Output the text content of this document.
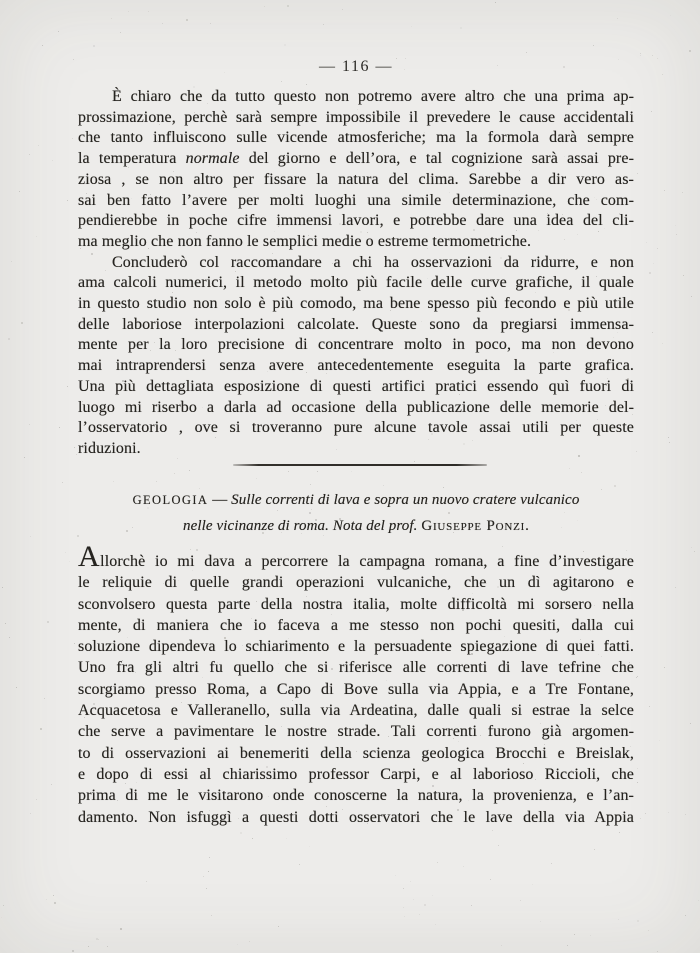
— 116 —
È chiaro che da tutto questo non potremo avere altro che una prima ap-
prossimazione, perchè sarà sempre impossibile il prevedere le cause accidentali
che tanto influiscono sulle vicende atmosferiche; ma la formola darà sempre
la temperatura normale del giorno e dell’ora, e tal cognizione sarà assai pre-
ziosa , se non altro per fissare la natura del clima. Sarebbe a dir vero as-
sai ben fatto l’avere per molti luoghi una simile determinazione, che com-
pendierebbe in poche cifre immensi lavori, e potrebbe dare una idea del cli-
ma meglio che non fanno le semplici medie o estreme termometriche.
Concluderò col raccomandare a chi ha osservazioni da ridurre, e non
ama calcoli numerici, il metodo molto più facile delle curve grafiche, il quale
in questo studio non solo è più comodo, ma bene spesso più fecondo e più utile
delle laboriose interpolazioni calcolate. Queste sono da pregiarsi immensa-
mente per la loro precisione di concentrare molto in poco, ma non devono
mai intraprendersi senza avere antecedentemente eseguita la parte grafica.
Una più dettagliata esposizione di questi artifici pratici essendo quì fuori di
luogo mi riserbo a darla ad occasione della publicazione delle memorie del-
l’osservatorio , ove si troveranno pure alcune tavole assai utili per queste
riduzioni.
GEOLOGIA — Sulle correnti di lava e sopra un nuovo cratere vulcanico
nelle vicinanze di roma. Nota del prof. Giuseppe Ponzi.
Allorchè io mi dava a percorrere la campagna romana, a fine d’investigare
le reliquie di quelle grandi operazioni vulcaniche, che un dì agitarono e
sconvolsero questa parte della nostra italia, molte difficoltà mi sorsero nella
mente, di maniera che io faceva a me stesso non pochi quesiti, dalla cui
soluzione dipendeva lo schiarimento e la persuadente spiegazione di quei fatti.
Uno fra gli altri fu quello che si riferisce alle correnti di lave tefrine che
scorgiamo presso Roma, a Capo di Bove sulla via Appia, e a Tre Fontane,
Acquacetosa e Valleranello, sulla via Ardeatina, dalle quali si estrae la selce
che serve a pavimentare le nostre strade. Tali correnti furono già argomen-
to di osservazioni ai benemeriti della scienza geologica Brocchi e Breislak,
e dopo di essi al chiarissimo professor Carpi, e al laborioso Riccioli, che
prima di me le visitarono onde conoscerne la natura, la provenienza, e l’an-
damento. Non isfuggì a questi dotti osservatori che le lave della via Appia
